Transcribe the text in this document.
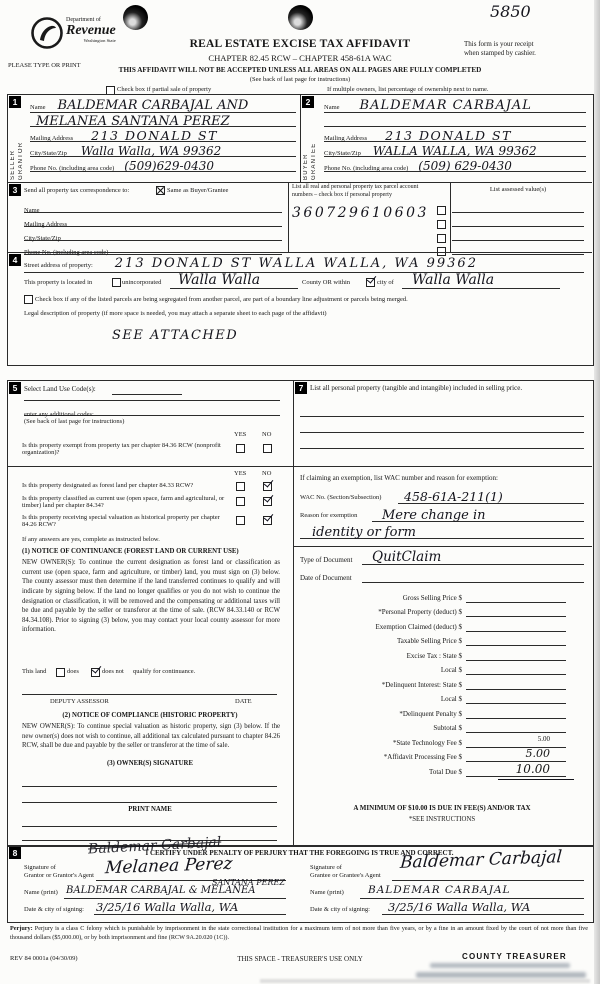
5850
Department of
Revenue
Washington State
PLEASE TYPE OR PRINT
REAL ESTATE EXCISE TAX AFFIDAVIT
CHAPTER 82.45 RCW – CHAPTER 458-61A WAC
This form is your receipt
when stamped by cashier.
THIS AFFIDAVIT WILL NOT BE ACCEPTED UNLESS ALL AREAS ON ALL PAGES ARE FULLY COMPLETED
(See back of last page for instructions)
Check box if partial sale of property	If multiple owners, list percentage of ownership next to name.
1
SELLER GRANTOR
Name BALDEMAR CARBAJAL AND
MELANEA SANTANA PEREZ
Mailing Address 213 DONALD ST
City/State/Zip Walla Walla, WA 99362
Phone No. (including area code) (509)629-0430
2
BUYER GRANTEE
Name BALDEMAR CARBAJAL
Mailing Address 213 DONALD ST
City/State/Zip WALLA WALLA, WA 99362
Phone No. (including area code) (509) 629-0430
3	Send all property tax correspondence to:	Same as Buyer/Grantee
Name
Mailing Address
City/State/Zip
Phone No. (including area code)
List all real and personal property tax parcel account numbers – check box if personal property
360729610603
List assessed value(s)
4
Street address of property: 213 DONALD ST WALLA WALLA, WA 99362
This property is located in	unincorporated	Walla Walla	County OR within	city of	Walla Walla
Check box if any of the listed parcels are being segregated from another parcel, are part of a boundary line adjustment or parcels being merged.
Legal description of property (if more space is needed, you may attach a separate sheet to each page of the affidavit)
SEE ATTACHED
5 Select Land Use Code(s):
enter any additional codes:
(See back of last page for instructions)
YES NO
Is this property exempt from property tax per chapter 84.36 RCW (nonprofit organization)?
YES NO
Is this property designated as forest land per chapter 84.33 RCW?
Is this property classified as current use (open space, farm and agricultural, or timber) land per chapter 84.34?
Is this property receiving special valuation as historical property per chapter 84.26 RCW?
If any answers are yes, complete as instructed below.
(1) NOTICE OF CONTINUANCE (FOREST LAND OR CURRENT USE)
NEW OWNER(S): To continue the current designation as forest land or classification as current use (open space, farm and agriculture, or timber) land, you must sign on (3) below. The county assessor must then determine if the land transferred continues to qualify and will indicate by signing below. If the land no longer qualifies or you do not wish to continue the designation or classification, it will be removed and the compensating or additional taxes will be due and payable by the seller or transferor at the time of sale. (RCW 84.33.140 or RCW 84.34.108). Prior to signing (3) below, you may contact your local county assessor for more information.
This land	does	does not qualify for continuance.
DEPUTY ASSESSOR	DATE
(2) NOTICE OF COMPLIANCE (HISTORIC PROPERTY)
NEW OWNER(S): To continue special valuation as historic property, sign (3) below. If the new owner(s) does not wish to continue, all additional tax calculated pursuant to chapter 84.26 RCW, shall be due and payable by the seller or transferor at the time of sale.
(3) OWNER(S) SIGNATURE
PRINT NAME
7 List all personal property (tangible and intangible) included in selling price.
If claiming an exemption, list WAC number and reason for exemption:
WAC No. (Section/Subsection)	458-61A-211(1)
Reason for exemption	Mere change in
identity or form
Type of Document	QuitClaim
Date of Document
Gross Selling Price $
*Personal Property (deduct) $
Exemption Claimed (deduct) $
Taxable Selling Price $
Excise Tax : State $
Local $
*Delinquent Interest: State $
Local $
*Delinquent Penalty $
Subtotal $
*State Technology Fee $	5.00
*Affidavit Processing Fee $	5.00
Total Due $	10.00
A MINIMUM OF $10.00 IS DUE IN FEE(S) AND/OR TAX
*SEE INSTRUCTIONS
8	I CERTIFY UNDER PENALTY OF PERJURY THAT THE FOREGOING IS TRUE AND CORRECT.
Baldemar Carbajal
Signature of
Grantor or Grantor's Agent Melanea Perez
Name (print) BALDEMAR CARBAJAL & MELANEA
SANTANA PEREZ
Date & city of signing: 3/25/16 Walla Walla, WA
Signature of
Grantee or Grantee's Agent
Baldemar Carbajal
Name (print) BALDEMAR CARBAJAL
Date & city of signing: 3/25/16 Walla Walla, WA
Perjury: Perjury is a class C felony which is punishable by imprisonment in the state correctional institution for a maximum term of not more than five years, or by a fine in an amount fixed by the court of not more than five thousand dollars ($5,000.00), or by both imprisonment and fine (RCW 9A.20.020 (1C)).
REV 84 0001a (04/30/09)	THIS SPACE - TREASURER'S USE ONLY	COUNTY TREASURER
